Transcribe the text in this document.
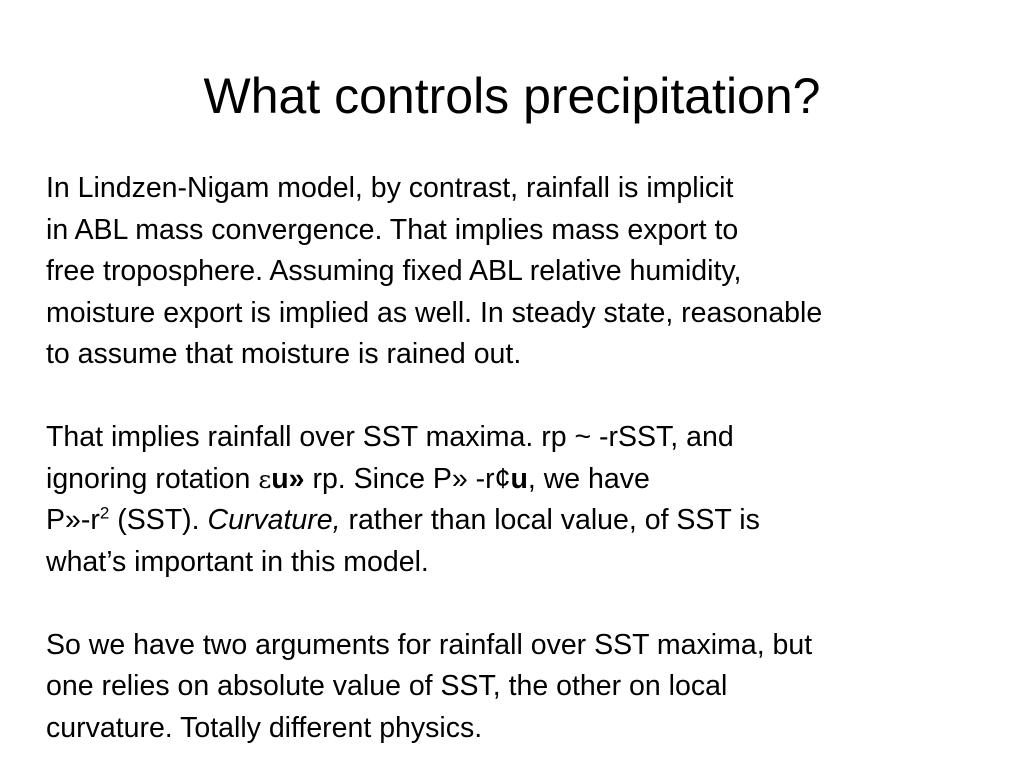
What controls precipitation?
In Lindzen-Nigam model, by contrast, rainfall is implicit
in ABL mass convergence. That implies mass export to
free troposphere. Assuming fixed ABL relative humidity,
moisture export is implied as well. In steady state, reasonable
to assume that moisture is rained out.
That implies rainfall over SST maxima. rp ~ -rSST, and
ignoring rotation εu» rp. Since P» -r¢u, we have
$P»-r^2$ (SST). Curvature, rather than local value, of SST is
what’s important in this model.
So we have two arguments for rainfall over SST maxima, but
one relies on absolute value of SST, the other on local
curvature. Totally different physics.
